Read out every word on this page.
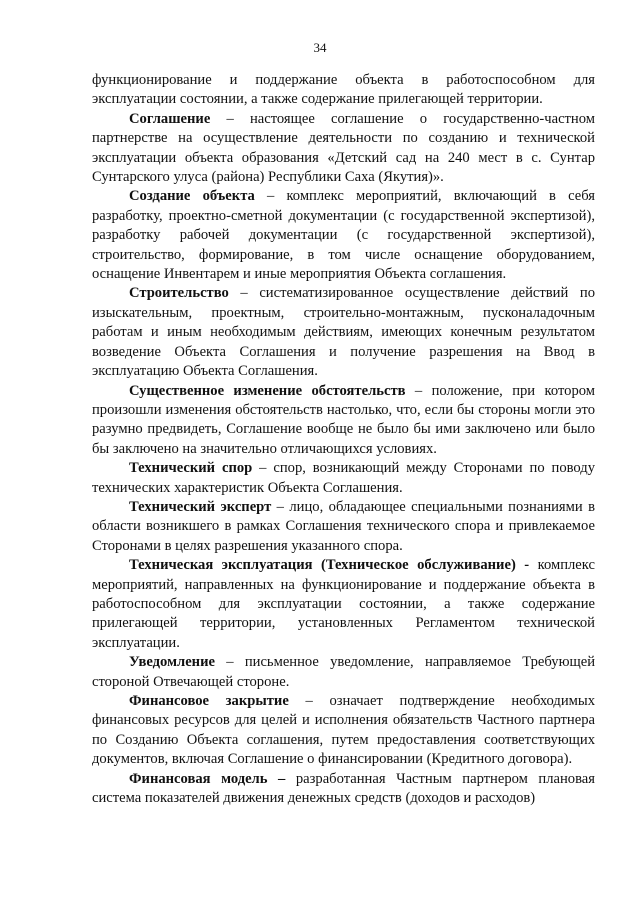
34

функционирование и поддержание объекта в работоспособном для эксплуатации состоянии, а также содержание прилегающей территории.

Соглашение – настоящее соглашение о государственно-частном партнерстве на осуществление деятельности по созданию и технической эксплуатации объекта образования «Детский сад на 240 мест в с. Сунтар Сунтарского улуса (района) Республики Саха (Якутия)».

Создание объекта – комплекс мероприятий, включающий в себя разработку, проектно-сметной документации (с государственной экспертизой), разработку рабочей документации (с государственной экспертизой), строительство, формирование, в том числе оснащение оборудованием, оснащение Инвентарем и иные мероприятия Объекта соглашения.

Строительство – систематизированное осуществление действий по изыскательным, проектным, строительно-монтажным, пусконаладочным работам и иным необходимым действиям, имеющих конечным результатом возведение Объекта Соглашения и получение разрешения на Ввод в эксплуатацию Объекта Соглашения.

Существенное изменение обстоятельств – положение, при котором произошли изменения обстоятельств настолько, что, если бы стороны могли это разумно предвидеть, Соглашение вообще не было бы ими заключено или было бы заключено на значительно отличающихся условиях.

Технический спор – спор, возникающий между Сторонами по поводу технических характеристик Объекта Соглашения.

Технический эксперт – лицо, обладающее специальными познаниями в области возникшего в рамках Соглашения технического спора и привлекаемое Сторонами в целях разрешения указанного спора.

Техническая эксплуатация (Техническое обслуживание) - комплекс мероприятий, направленных на функционирование и поддержание объекта в работоспособном для эксплуатации состоянии, а также содержание прилегающей территории, установленных Регламентом технической эксплуатации.

Уведомление – письменное уведомление, направляемое Требующей стороной Отвечающей стороне.

Финансовое закрытие – означает подтверждение необходимых финансовых ресурсов для целей и исполнения обязательств Частного партнера по Созданию Объекта соглашения, путем предоставления соответствующих документов, включая Соглашение о финансировании (Кредитного договора).

Финансовая модель – разработанная Частным партнером плановая система показателей движения денежных средств (доходов и расходов)
